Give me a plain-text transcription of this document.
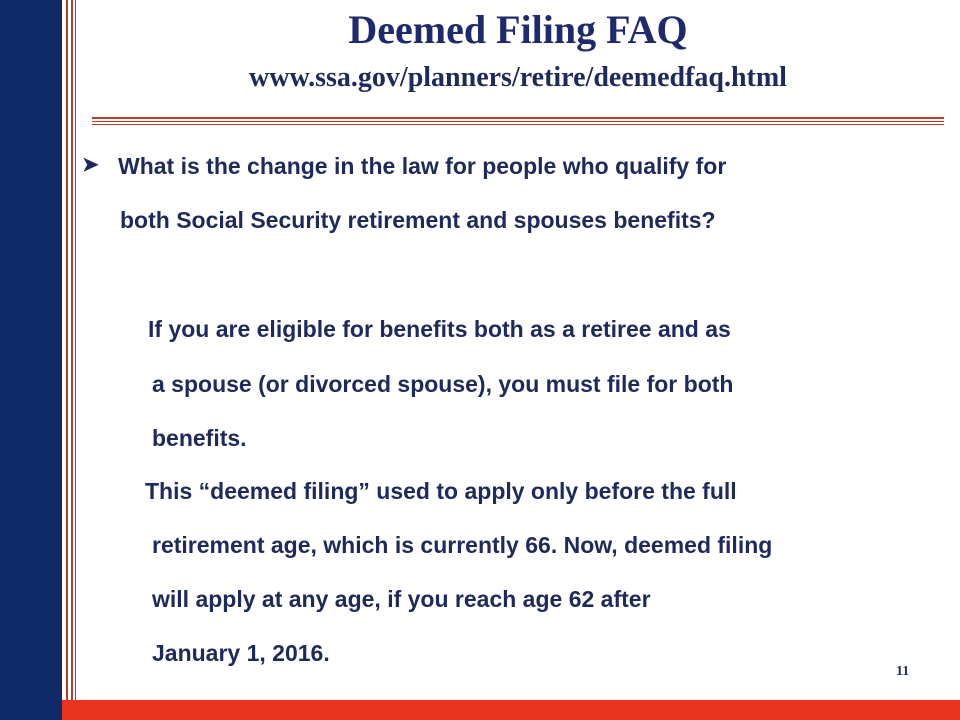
Deemed Filing FAQ
www.ssa.gov/planners/retire/deemedfaq.html
➤ What is the change in the law for people who qualify for
both Social Security retirement and spouses benefits?
If you are eligible for benefits both as a retiree and as
a spouse (or divorced spouse), you must file for both
benefits.
This “deemed filing” used to apply only before the full
retirement age, which is currently 66. Now, deemed filing
will apply at any age, if you reach age 62 after
January 1, 2016.
11
